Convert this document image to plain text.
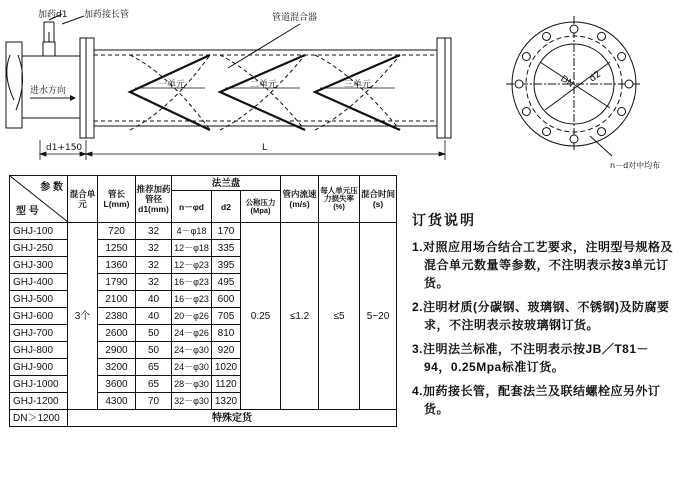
加药d1 加药接长管	管道混合器
进水方向
一单元	二单元	三单元
d1+150	L
DN d2
n－d对中均布
参 数
型 号	混合单元	管长L(mm)	推荐加药管径d1(mm)	法兰盘			管内流速(m/s)	每人单元压力损失率(%)	混合时间(s)
				n－φd	d2	公称压力(Mpa)			
GHJ-100	3个	720	32	4－φ18	170	0.25	≤1.2	≤5	5~20
GHJ-250		1250	32	12－φ18	335				
GHJ-300		1360	32	12－φ23	395				
GHJ-400		1790	32	16－φ23	495				
GHJ-500		2100	40	16－φ23	600				
GHJ-600		2380	40	20－φ26	705				
GHJ-700		2600	50	24－φ26	810				
GHJ-800		2900	50	24－φ30	920				
GHJ-900		3200	65	24－φ30	1020				
GHJ-1000		3600	65	28－φ30	1120				
GHJ-1200		4300	70	32－φ30	1320				
DN＞1200	特殊定货								
订货说明
1.对照应用场合结合工艺要求，注明型号规格及混合单元数量等参数，不注明表示按3单元订货。
2.注明材质(分碳钢、玻璃钢、不锈钢)及防腐要求，不注明表示按玻璃钢订货。
3.注明法兰标准，不注明表示按JB／T81－94，0.25Mpa标准订货。
4.加药接长管，配套法兰及联结螺栓应另外订货。
